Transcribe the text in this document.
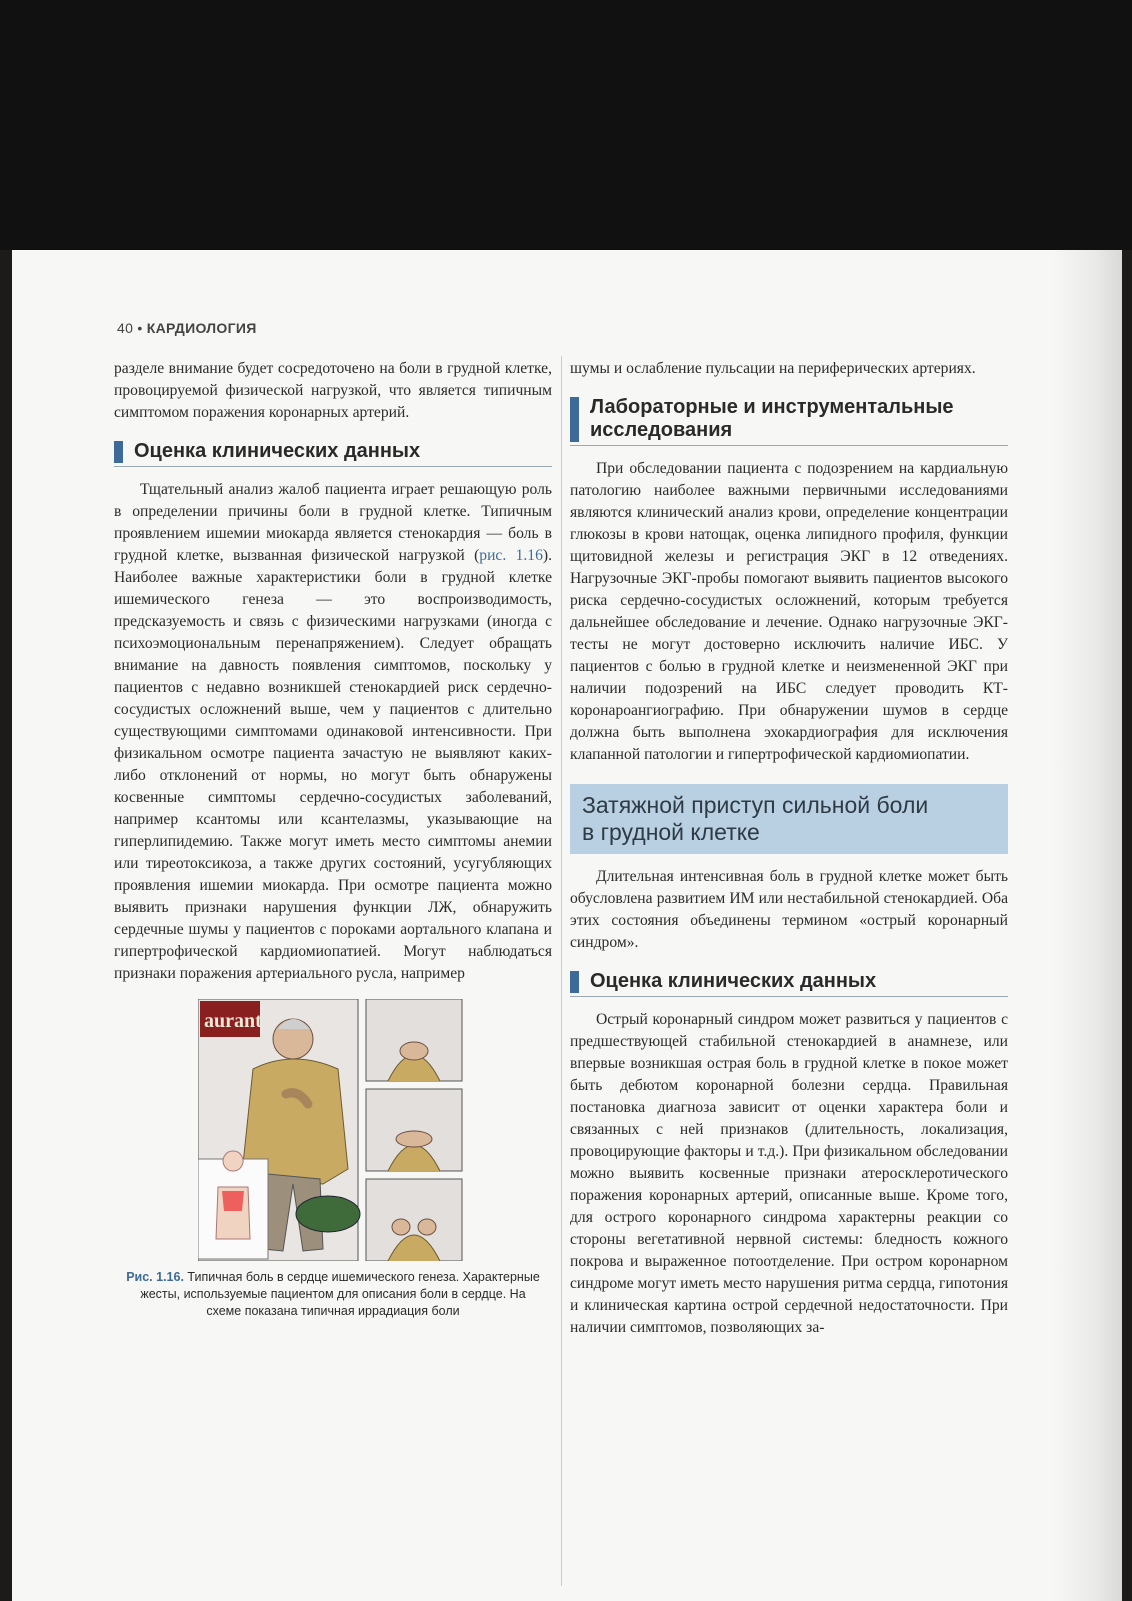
40 • КАРДИОЛОГИЯ

разделе внимание будет сосредоточено на боли в грудной клетке, провоцируемой физической нагрузкой, что является типичным симптомом поражения коронарных артерий.

Оценка клинических данных

Тщательный анализ жалоб пациента играет решающую роль в определении причины боли в грудной клетке. Типичным проявлением ишемии миокарда является стенокардия — боль в грудной клетке, вызванная физической нагрузкой (рис. 1.16). Наиболее важные характеристики боли в грудной клетке ишемического генеза — это воспроизводимость, предсказуемость и связь с физическими нагрузками (иногда с психоэмоциональным перенапряжением). Следует обращать внимание на давность появления симптомов, поскольку у пациентов с недавно возникшей стенокардией риск сердечно-сосудистых осложнений выше, чем у пациентов с длительно существующими симптомами одинаковой интенсивности. При физикальном осмотре пациента зачастую не выявляют каких-либо отклонений от нормы, но могут быть обнаружены косвенные симптомы сердечно-сосудистых заболеваний, например ксантомы или ксантелазмы, указывающие на гиперлипидемию. Также могут иметь место симптомы анемии или тиреотоксикоза, а также других состояний, усугубляющих проявления ишемии миокарда. При осмотре пациента можно выявить признаки нарушения функции ЛЖ, обнаружить сердечные шумы у пациентов с пороками аортального клапана и гипертрофической кардиомиопатией. Могут наблюдаться признаки поражения артериального русла, например

aurant
Рис. 1.16. Типичная боль в сердце ишемического генеза. Характерные жесты, используемые пациентом для описания боли в сердце. На схеме показана типичная иррадиация боли

шумы и ослабление пульсации на периферических артериях.

Лабораторные и инструментальные
исследования

При обследовании пациента с подозрением на кардиальную патологию наиболее важными первичными исследованиями являются клинический анализ крови, определение концентрации глюкозы в крови натощак, оценка липидного профиля, функции щитовидной железы и регистрация ЭКГ в 12 отведениях. Нагрузочные ЭКГ-пробы помогают выявить пациентов высокого риска сердечно-сосудистых осложнений, которым требуется дальнейшее обследование и лечение. Однако нагрузочные ЭКГ-тесты не могут достоверно исключить наличие ИБС. У пациентов с болью в грудной клетке и неизмененной ЭКГ при наличии подозрений на ИБС следует проводить КТ-коронароангиографию. При обнаружении шумов в сердце должна быть выполнена эхокардиография для исключения клапанной патологии и гипертрофической кардиомиопатии.

Затяжной приступ сильной боли
в грудной клетке

Длительная интенсивная боль в грудной клетке может быть обусловлена развитием ИМ или нестабильной стенокардией. Оба этих состояния объединены термином «острый коронарный синдром».

Оценка клинических данных

Острый коронарный синдром может развиться у пациентов с предшествующей стабильной стенокардией в анамнезе, или впервые возникшая острая боль в грудной клетке в покое может быть дебютом коронарной болезни сердца. Правильная постановка диагноза зависит от оценки характера боли и связанных с ней признаков (длительность, локализация, провоцирующие факторы и т.д.). При физикальном обследовании можно выявить косвенные признаки атеросклеротического поражения коронарных артерий, описанные выше. Кроме того, для острого коронарного синдрома характерны реакции со стороны вегетативной нервной системы: бледность кожного покрова и выраженное потоотделение. При остром коронарном синдроме могут иметь место нарушения ритма сердца, гипотония и клиническая картина острой сердечной недостаточности. При наличии симптомов, позволяющих за-
